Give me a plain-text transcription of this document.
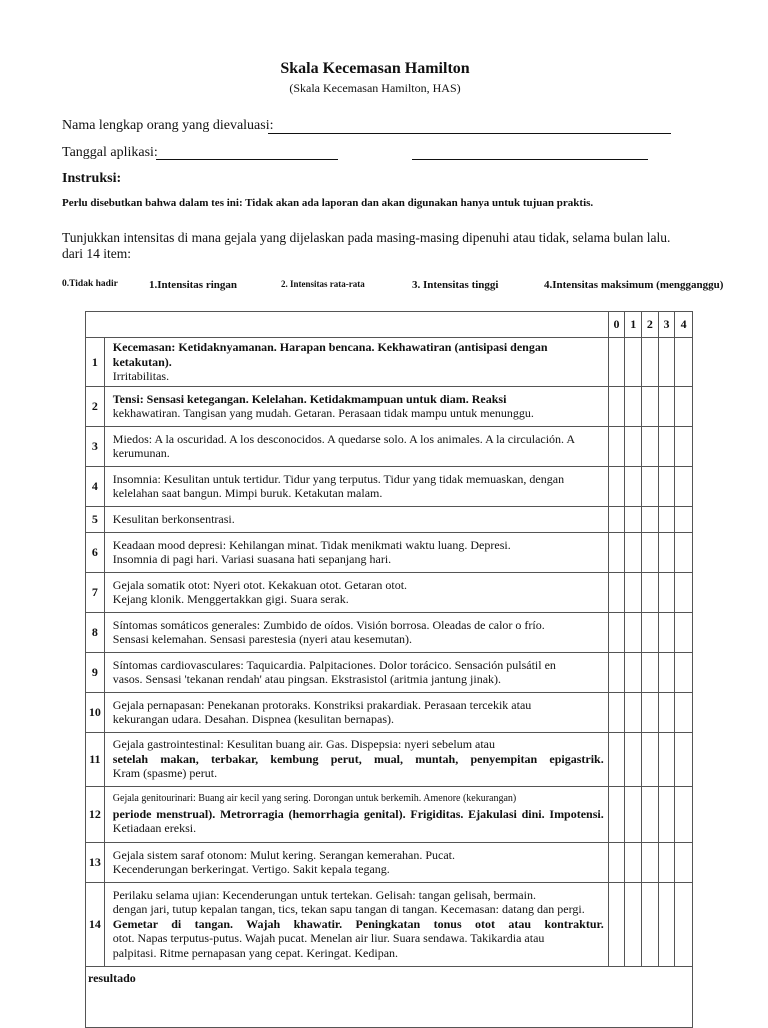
Skala Kecemasan Hamilton
(Skala Kecemasan Hamilton, HAS)
Nama lengkap orang yang dievaluasi:
Tanggal aplikasi:
Instruksi:
Perlu disebutkan bahwa dalam tes ini: Tidak akan ada laporan dan akan digunakan hanya untuk tujuan praktis.
Tunjukkan intensitas di mana gejala yang dijelaskan pada masing-masing dipenuhi atau tidak, selama bulan lalu.
dari 14 item:
0.Tidak hadir	1.Intensitas ringan	2. Intensitas rata-rata	3. Intensitas tinggi	4.Intensitas maksimum (mengganggu)
		0	1	2	3	4
1	Kecemasan: Ketidaknyamanan. Harapan bencana. Kekhawatiran (antisipasi dengan ketakutan).
Irritabilitas.					

2	Tensi: Sensasi ketegangan. Kelelahan. Ketidakmampuan untuk diam. Reaksi
kekhawatiran. Tangisan yang mudah. Getaran. Perasaan tidak mampu untuk menunggu.					

3	Miedos: A la oscuridad. A los desconocidos. A quedarse solo. A los animales. A la circulación. A
kerumunan.					

4	Insomnia: Kesulitan untuk tertidur. Tidur yang terputus. Tidur yang tidak memuaskan, dengan
kelelahan saat bangun. Mimpi buruk. Ketakutan malam.					

5	Kesulitan berkonsentrasi.					

6	Keadaan mood depresi: Kehilangan minat. Tidak menikmati waktu luang. Depresi.
Insomnia di pagi hari. Variasi suasana hati sepanjang hari.					

7	Gejala somatik otot: Nyeri otot. Kekakuan otot. Getaran otot.
Kejang klonik. Menggertakkan gigi. Suara serak.					

8	Síntomas somáticos generales: Zumbido de oídos. Visión borrosa. Oleadas de calor o frío.
Sensasi kelemahan. Sensasi parestesia (nyeri atau kesemutan).					

9	Síntomas cardiovasculares: Taquicardia. Palpitaciones. Dolor torácico. Sensación pulsátil en
vasos. Sensasi 'tekanan rendah' atau pingsan. Ekstrasistol (aritmia jantung jinak).					

10	Gejala pernapasan: Penekanan protoraks. Konstriksi prakardiak. Perasaan tercekik atau
kekurangan udara. Desahan. Dispnea (kesulitan bernapas).					

11	Gejala gastrointestinal: Kesulitan buang air. Gas. Dispepsia: nyeri sebelum atau
setelah makan, terbakar, kembung perut, mual, muntah, penyempitan epigastrik.
Kram (spasme) perut.					

12	Gejala genitourinari: Buang air kecil yang sering. Dorongan untuk berkemih. Amenore (kekurangan)
periode menstrual). Metrorragia (hemorrhagia genital). Frigiditas. Ejakulasi dini. Impotensi.
Ketiadaan ereksi.					

13	Gejala sistem saraf otonom: Mulut kering. Serangan kemerahan. Pucat.
Kecenderungan berkeringat. Vertigo. Sakit kepala tegang.					

14	Perilaku selama ujian: Kecenderungan untuk tertekan. Gelisah: tangan gelisah, bermain.
dengan jari, tutup kepalan tangan, tics, tekan sapu tangan di tangan. Kecemasan: datang dan pergi.
Gemetar di tangan. Wajah khawatir. Peningkatan tonus otot atau kontraktur.
otot. Napas terputus-putus. Wajah pucat. Menelan air liur. Suara sendawa. Takikardia atau
palpitasi. Ritme pernapasan yang cepat. Keringat. Kedipan.					

resultado						
